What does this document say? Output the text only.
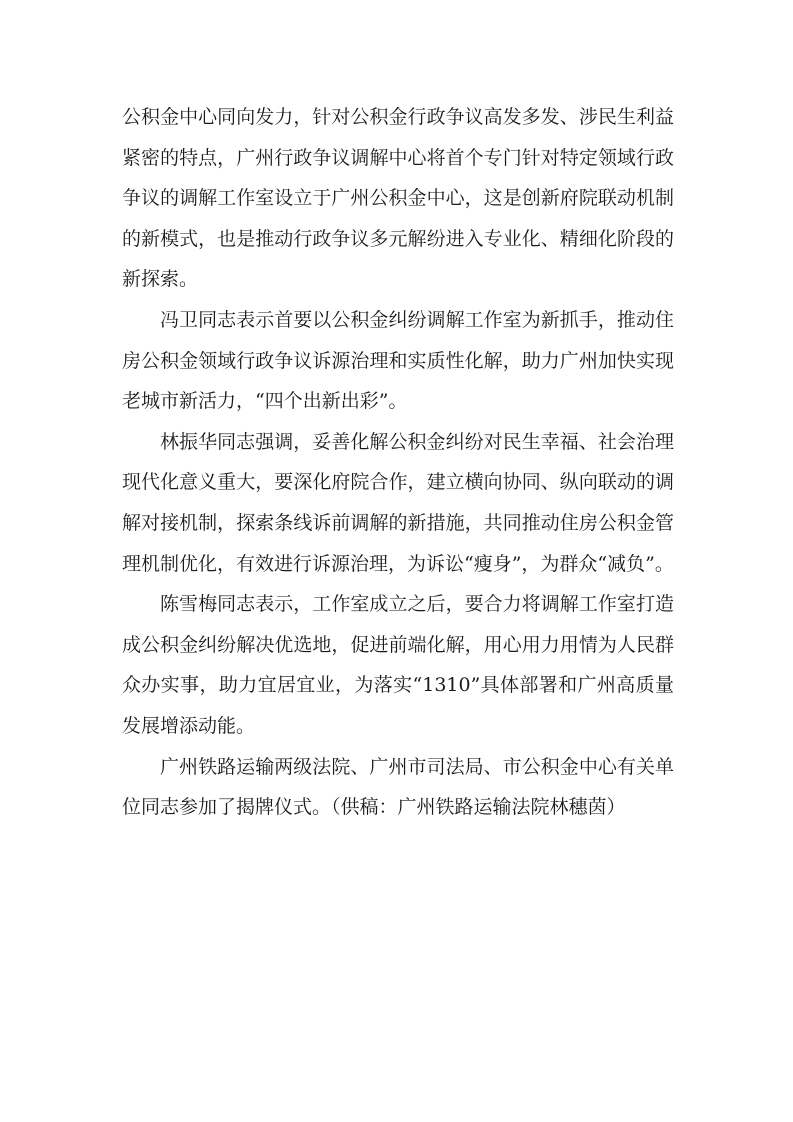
公积金中心同向发力，针对公积金行政争议高发多发、涉民生利益紧密的特点，广州行政争议调解中心将首个专门针对特定领域行政争议的调解工作室设立于广州公积金中心，这是创新府院联动机制的新模式，也是推动行政争议多元解纷进入专业化、精细化阶段的新探索。

冯卫同志表示首要以公积金纠纷调解工作室为新抓手，推动住房公积金领域行政争议诉源治理和实质性化解，助力广州加快实现老城市新活力，“四个出新出彩”。

林振华同志强调，妥善化解公积金纠纷对民生幸福、社会治理现代化意义重大，要深化府院合作，建立横向协同、纵向联动的调解对接机制，探索条线诉前调解的新措施，共同推动住房公积金管理机制优化，有效进行诉源治理，为诉讼“瘦身”，为群众“减负”。

陈雪梅同志表示，工作室成立之后，要合力将调解工作室打造成公积金纠纷解决优选地，促进前端化解，用心用力用情为人民群众办实事，助力宜居宜业，为落实“1310”具体部署和广州高质量发展增添动能。

广州铁路运输两级法院、广州市司法局、市公积金中心有关单位同志参加了揭牌仪式。（供稿：广州铁路运输法院林穗茵）
